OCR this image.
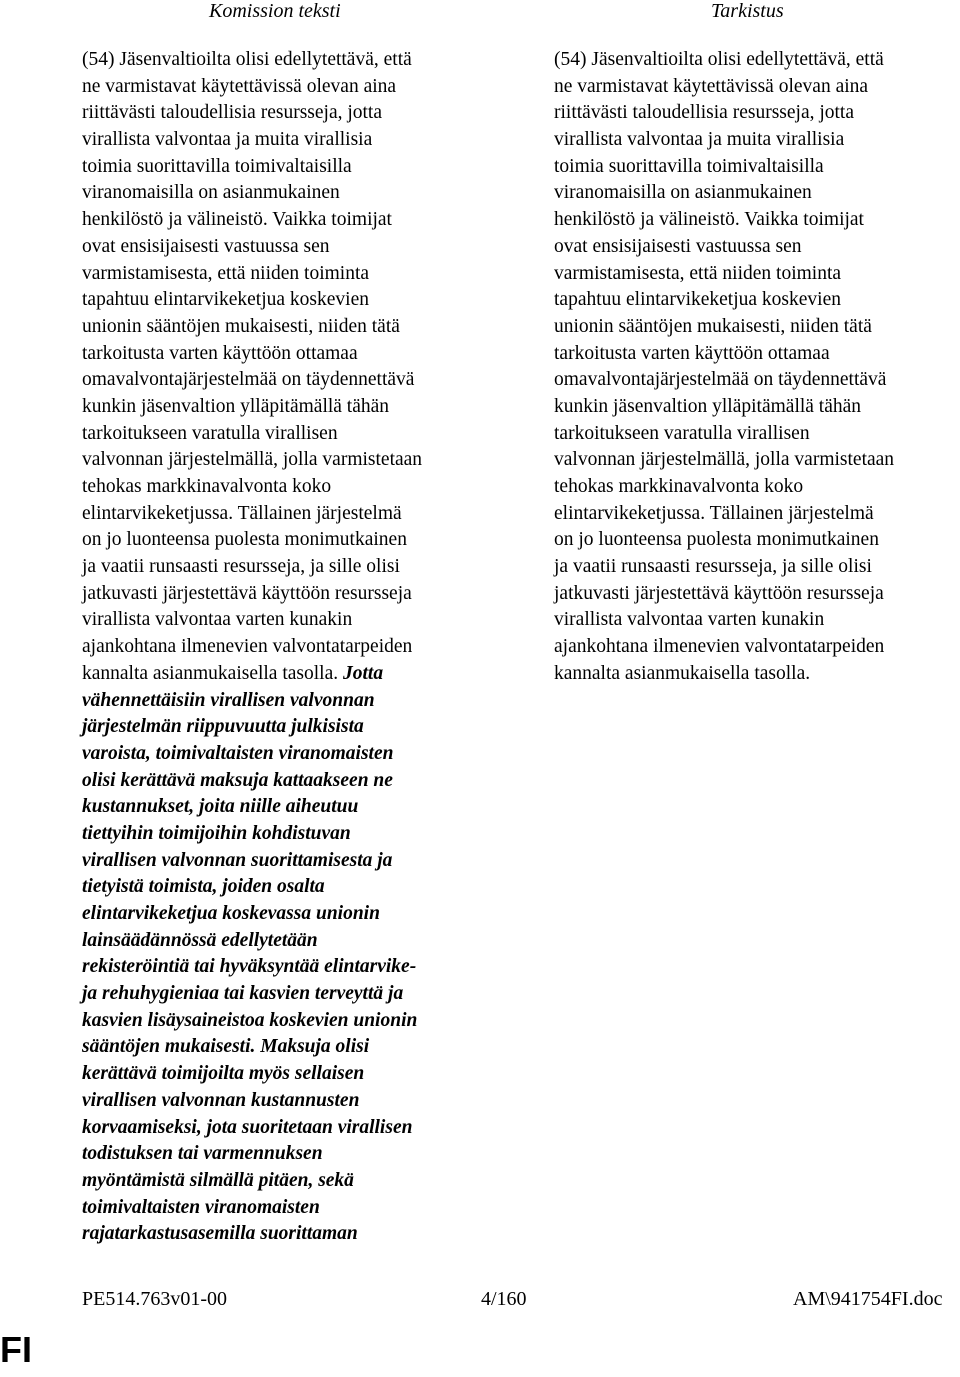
Komission teksti	Tarkistus
(54) Jäsenvaltioilta olisi edellytettävä, että
ne varmistavat käytettävissä olevan aina
riittävästi taloudellisia resursseja, jotta
virallista valvontaa ja muita virallisia
toimia suorittavilla toimivaltaisilla
viranomaisilla on asianmukainen
henkilöstö ja välineistö. Vaikka toimijat
ovat ensisijaisesti vastuussa sen
varmistamisesta, että niiden toiminta
tapahtuu elintarvikeketjua koskevien
unionin sääntöjen mukaisesti, niiden tätä
tarkoitusta varten käyttöön ottamaa
omavalvontajärjestelmää on täydennettävä
kunkin jäsenvaltion ylläpitämällä tähän
tarkoitukseen varatulla virallisen
valvonnan järjestelmällä, jolla varmistetaan
tehokas markkinavalvonta koko
elintarvikeketjussa. Tällainen järjestelmä
on jo luonteensa puolesta monimutkainen
ja vaatii runsaasti resursseja, ja sille olisi
jatkuvasti järjestettävä käyttöön resursseja
virallista valvontaa varten kunakin
ajankohtana ilmenevien valvontatarpeiden
kannalta asianmukaisella tasolla. Jotta
vähennettäisiin virallisen valvonnan
järjestelmän riippuvuutta julkisista
varoista, toimivaltaisten viranomaisten
olisi kerättävä maksuja kattaakseen ne
kustannukset, joita niille aiheutuu
tiettyihin toimijoihin kohdistuvan
virallisen valvonnan suorittamisesta ja
tietyistä toimista, joiden osalta
elintarvikeketjua koskevassa unionin
lainsäädännössä edellytetään
rekisteröintiä tai hyväksyntää elintarvike-
ja rehuhygieniaa tai kasvien terveyttä ja
kasvien lisäysaineistoa koskevien unionin
sääntöjen mukaisesti. Maksuja olisi
kerättävä toimijoilta myös sellaisen
virallisen valvonnan kustannusten
korvaamiseksi, jota suoritetaan virallisen
todistuksen tai varmennuksen
myöntämistä silmällä pitäen, sekä
toimivaltaisten viranomaisten
rajatarkastusasemilla suorittaman
(54) Jäsenvaltioilta olisi edellytettävä, että
ne varmistavat käytettävissä olevan aina
riittävästi taloudellisia resursseja, jotta
virallista valvontaa ja muita virallisia
toimia suorittavilla toimivaltaisilla
viranomaisilla on asianmukainen
henkilöstö ja välineistö. Vaikka toimijat
ovat ensisijaisesti vastuussa sen
varmistamisesta, että niiden toiminta
tapahtuu elintarvikeketjua koskevien
unionin sääntöjen mukaisesti, niiden tätä
tarkoitusta varten käyttöön ottamaa
omavalvontajärjestelmää on täydennettävä
kunkin jäsenvaltion ylläpitämällä tähän
tarkoitukseen varatulla virallisen
valvonnan järjestelmällä, jolla varmistetaan
tehokas markkinavalvonta koko
elintarvikeketjussa. Tällainen järjestelmä
on jo luonteensa puolesta monimutkainen
ja vaatii runsaasti resursseja, ja sille olisi
jatkuvasti järjestettävä käyttöön resursseja
virallista valvontaa varten kunakin
ajankohtana ilmenevien valvontatarpeiden
kannalta asianmukaisella tasolla.
PE514.763v01-00	4/160	AM\941754FI.doc
FI
